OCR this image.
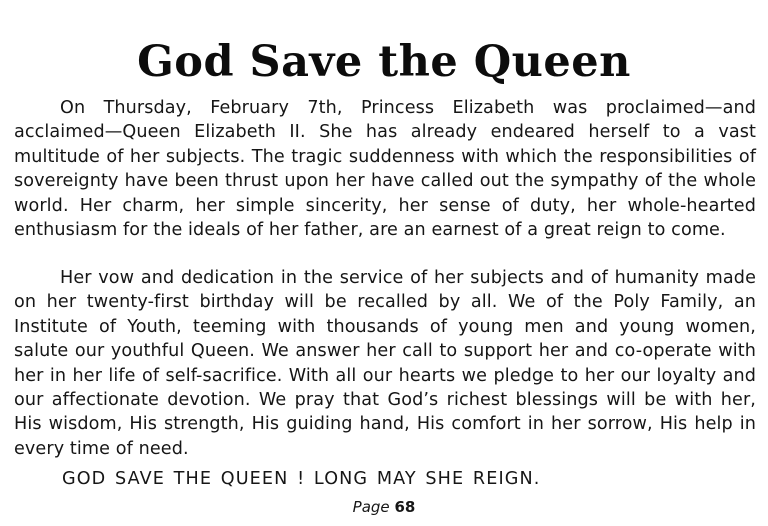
God Save the Queen

On Thursday, February 7th, Princess Elizabeth was proclaimed—and acclaimed—Queen Elizabeth II. She has already endeared herself to a vast multitude of her subjects. The tragic suddenness with which the responsibilities of sovereignty have been thrust upon her have called out the sympathy of the whole world. Her charm, her simple sincerity, her sense of duty, her whole-hearted enthusiasm for the ideals of her father, are an earnest of a great reign to come.

Her vow and dedication in the service of her subjects and of humanity made on her twenty-first birthday will be recalled by all. We of the Poly Family, an Institute of Youth, teeming with thousands of young men and young women, salute our youthful Queen. We answer her call to support her and co-operate with her in her life of self-sacrifice. With all our hearts we pledge to her our loyalty and our affectionate devotion. We pray that God’s richest blessings will be with her, His wisdom, His strength, His guiding hand, His comfort in her sorrow, His help in every time of need.

GOD SAVE THE QUEEN ! LONG MAY SHE REIGN.

Page 68
